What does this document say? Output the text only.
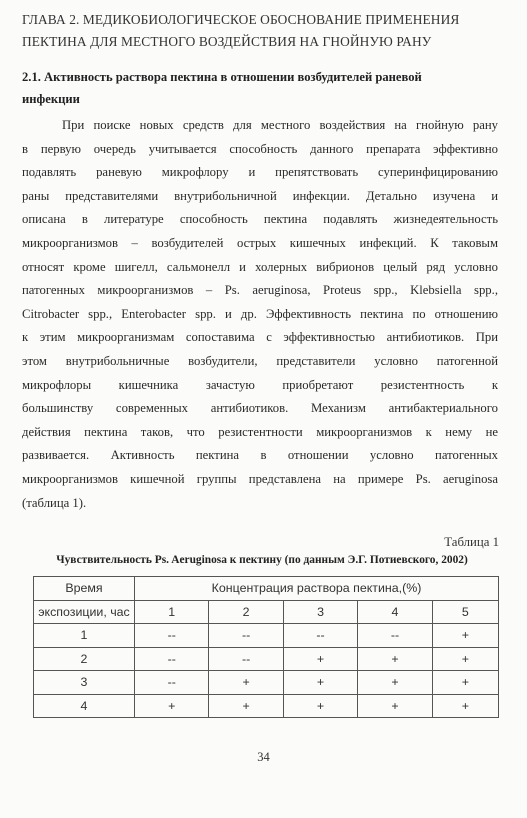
ГЛАВА 2. МЕДИКОБИОЛОГИЧЕСКОЕ ОБОСНОВАНИЕ ПРИМЕНЕНИЯ
ПЕКТИНА ДЛЯ МЕСТНОГО ВОЗДЕЙСТВИЯ НА ГНОЙНУЮ РАНУ
2.1. Активность раствора пектина в отношении возбудителей раневой
инфекции
При поиске новых средств для местного воздействия на гнойную рану
в первую очередь учитывается способность данного препарата эффективно
подавлять раневую микрофлору и препятствовать суперинфицированию
раны представителями внутрибольничной инфекции. Детально изучена и
описана в литературе способность пектина подавлять жизнедеятельность
микроорганизмов – возбудителей острых кишечных инфекций. К таковым
относят кроме шигелл, сальмонелл и холерных вибрионов целый ряд условно
патогенных микроорганизмов – Ps. aeruginosa, Proteus spp., Klebsiella spp.,
Citrobacter spp., Enterobacter spp. и др. Эффективность пектина по отношению
к этим микроорганизмам сопоставима с эффективностью антибиотиков. При
этом внутрибольничные возбудители, представители условно патогенной
микрофлоры кишечника зачастую приобретают резистентность к
большинству современных антибиотиков. Механизм антибактериального
действия пектина таков, что резистентности микроорганизмов к нему не
развивается. Активность пектина в отношении условно патогенных
микроорганизмов кишечной группы представлена на примере Ps. aeruginosa
(таблица 1).
Таблица 1
Чувствительность Ps. Aeruginosa к пектину (по данным Э.Г. Потиевского, 2002)
Время	Концентрация раствора пектина,(%)				
экспозиции, час	1	2	3	4	5
1	--	--	--	--	+
2	--	--	+	+	+
3	--	+	+	+	+
4	+	+	+	+	+
34
